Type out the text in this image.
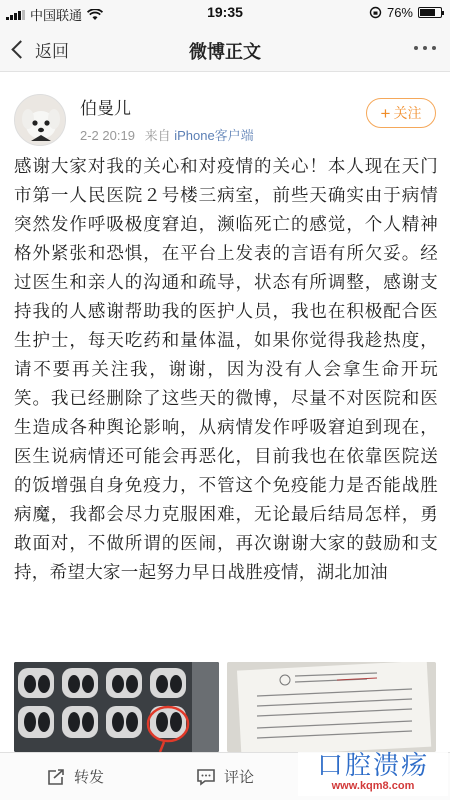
中国联通	19:35	76%
返回	微博正文
伯曼儿
2-2 20:19 来自 iPhone客户端
+ 关注
感谢大家对我的关心和对疫情的关心！本人现在天门市第一人民医院２号楼三病室，前些天确实由于病情突然发作呼吸极度窘迫，濒临死亡的感觉，个人精神格外紧张和恐惧，在平台上发表的言语有所欠妥。经过医生和亲人的沟通和疏导，状态有所调整，感谢支持我的人感谢帮助我的医护人员，我也在积极配合医生护士，每天吃药和量体温，如果你觉得我趁热度，请不要再关注我，谢谢，因为没有人会拿生命开玩笑。我已经删除了这些天的微博，尽量不对医院和医生造成各种舆论影响，从病情发作呼吸窘迫到现在，医生说病情还可能会再恶化，目前我也在依靠医院送的饭增强自身免疫力，不管这个免疫能力是否能战胜病魔，我都会尽力克服困难，无论最后结局怎样，勇敢面对，不做所谓的医闹，再次谢谢大家的鼓励和支持，希望大家一起努力早日战胜疫情，湖北加油
转发	评论	口腔溃疡
www.kqm8.com
